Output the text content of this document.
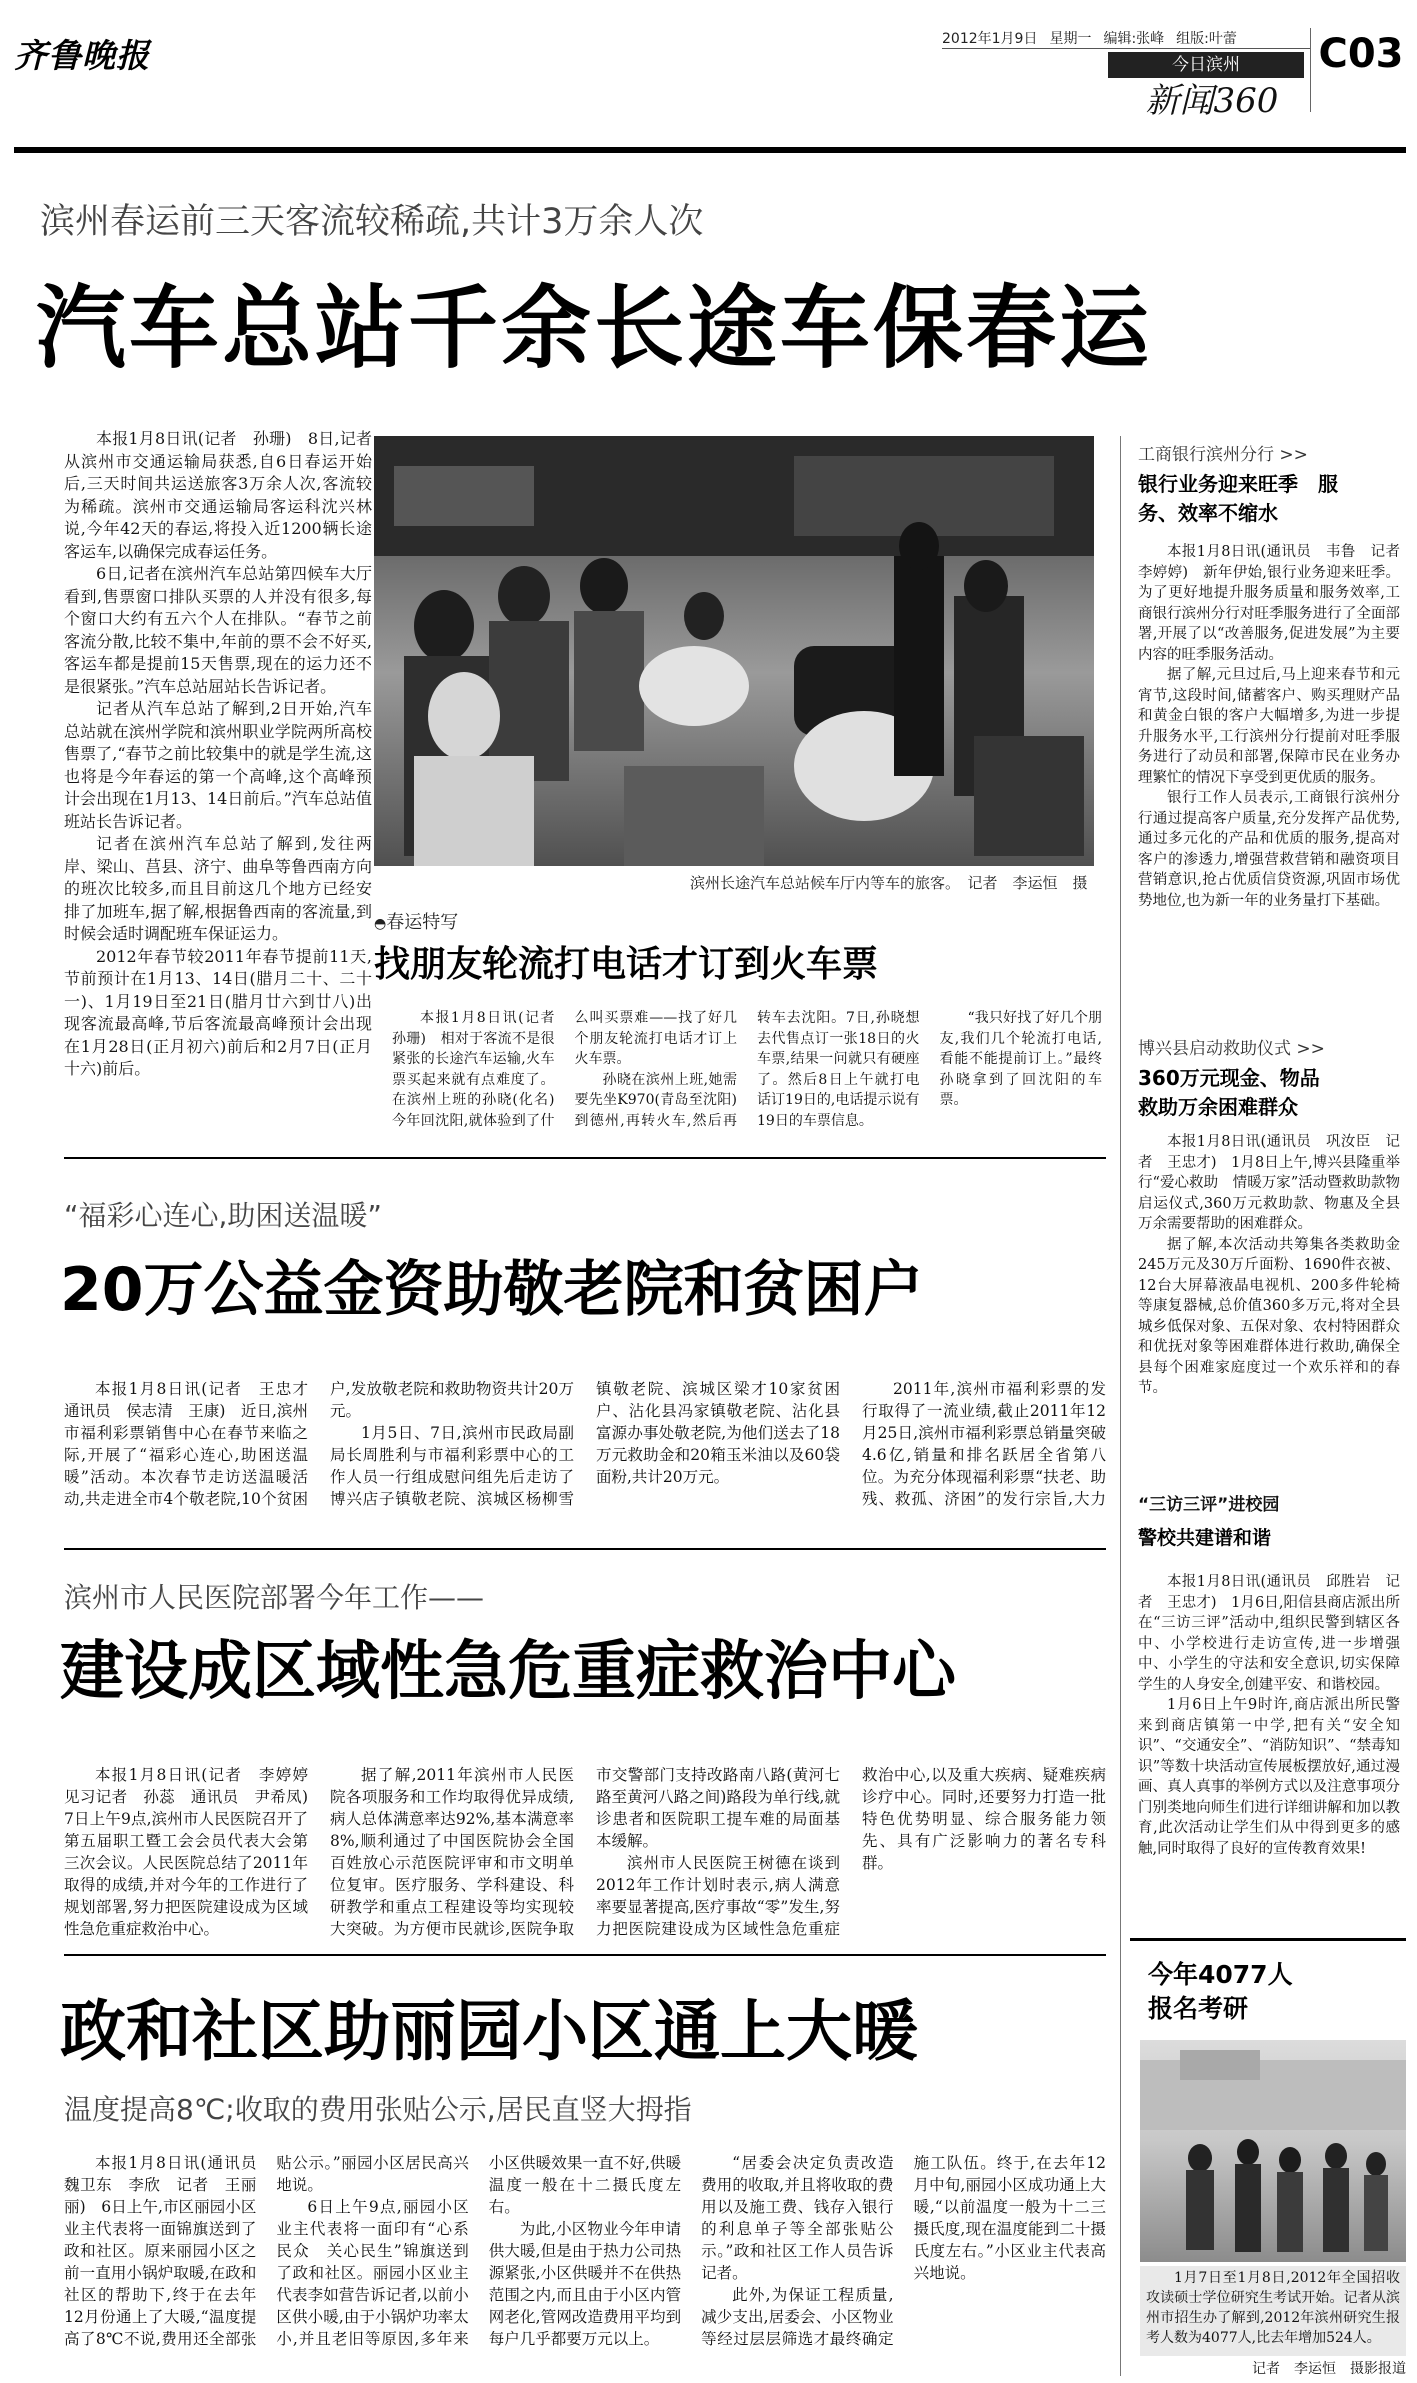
齐鲁晚报	2012年1月9日 星期一 编辑:张峰 组版:叶蕾 C03
今日滨州
新闻360
滨州春运前三天客流较稀疏,共计3万余人次
汽车总站千余长途车保春运

本报1月8日讯(记者　孙珊)　8日,记者从滨州市交通运输局获悉,自6日春运开始后,三天时间共运送旅客3万余人次,客流较为稀疏。滨州市交通运输局客运科沈兴林说,今年42天的春运,将投入近1200辆长途客运车,以确保完成春运任务。

6日,记者在滨州汽车总站第四候车大厅看到,售票窗口排队买票的人并没有很多,每个窗口大约有五六个人在排队。“春节之前客流分散,比较不集中,年前的票不会不好买,客运车都是提前15天售票,现在的运力还不是很紧张。”汽车总站屈站长告诉记者。

记者从汽车总站了解到,2日开始,汽车总站就在滨州学院和滨州职业学院两所高校售票了,“春节之前比较集中的就是学生流,这也将是今年春运的第一个高峰,这个高峰预计会出现在1月13、14日前后。”汽车总站值班站长告诉记者。

记者在滨州汽车总站了解到,发往两岸、梁山、莒县、济宁、曲阜等鲁西南方向的班次比较多,而且目前这几个地方已经安排了加班车,据了解,根据鲁西南的客流量,到时候会适时调配班车保证运力。

2012年春节较2011年春节提前11天,节前预计在1月13、14日(腊月二十、二十一)、1月19日至21日(腊月廿六到廿八)出现客流最高峰,节后客流最高峰预计会出现在1月28日(正月初六)前后和2月7日(正月十六)前后。

滨州长途汽车总站候车厅内等车的旅客。　记者　李运恒　摄
◓春运特写
找朋友轮流打电话才订到火车票

本报1月8日讯(记者　孙珊)　相对于客流不是很紧张的长途汽车运输,火车票买起来就有点难度了。在滨州上班的孙晓(化名)今年回沈阳,就体验到了什么叫买票难——找了好几个朋友轮流打电话才订上火车票。

孙晓在滨州上班,她需要先坐K970(青岛至沈阳)到德州,再转火车,然后再转车去沈阳。7日,孙晓想去代售点订一张18日的火车票,结果一问就只有硬座了。然后8日上午就打电话订19日的,电话提示说有19日的车票信息。

“我只好找了好几个朋友,我们几个轮流打电话,看能不能提前订上。”最终孙晓拿到了回沈阳的车票。

“福彩心连心,助困送温暖”
20万公益金资助敬老院和贫困户

本报1月8日讯(记者　王忠才　通讯员　侯志清　王康)　近日,滨州市福利彩票销售中心在春节来临之际,开展了“福彩心连心,助困送温暖”活动。本次春节走访送温暖活动,共走进全市4个敬老院,10个贫困户,发放敬老院和救助物资共计20万元。

1月5日、7日,滨州市民政局副局长周胜利与市福利彩票中心的工作人员一行组成慰问组先后走访了博兴店子镇敬老院、滨城区杨柳雪镇敬老院、滨城区梁才10家贫困户、沾化县冯家镇敬老院、沾化县富源办事处敬老院,为他们送去了18万元救助金和20箱玉米油以及60袋面粉,共计20万元。

2011年,滨州市福利彩票的发行取得了一流业绩,截止2011年12月25日,滨州市福利彩票总销量突破4.6亿,销量和排名跃居全省第八位。为充分体现福利彩票“扶老、助残、救孤、济困”的发行宗旨,大力

滨州市人民医院部署今年工作——
建设成区域性急危重症救治中心

本报1月8日讯(记者　李婷婷　见习记者　孙蕊　通讯员　尹希凤)　7日上午9点,滨州市人民医院召开了第五届职工暨工会会员代表大会第三次会议。人民医院总结了2011年取得的成绩,并对今年的工作进行了规划部署,努力把医院建设成为区域性急危重症救治中心。

据了解,2011年滨州市人民医院各项服务和工作均取得优异成绩,病人总体满意率达92%,基本满意率8%,顺利通过了中国医院协会全国百姓放心示范医院评审和市文明单位复审。医疗服务、学科建设、科研教学和重点工程建设等均实现较大突破。为方便市民就诊,医院争取市交警部门支持改路南八路(黄河七路至黄河八路之间)路段为单行线,就诊患者和医院职工提车难的局面基本缓解。

滨州市人民医院王树德在谈到2012年工作计划时表示,病人满意率要显著提高,医疗事故“零”发生,努力把医院建设成为区域性急危重症救治中心,以及重大疾病、疑难疾病诊疗中心。同时,还要努力打造一批特色优势明显、综合服务能力领先、具有广泛影响力的著名专科群。

政和社区助丽园小区通上大暖
温度提高8℃;收取的费用张贴公示,居民直竖大拇指

本报1月8日讯(通讯员　魏卫东　李欣　记者　王丽丽)　6日上午,市区丽园小区业主代表将一面锦旗送到了政和社区。原来丽园小区之前一直用小锅炉取暖,在政和社区的帮助下,终于在去年12月份通上了大暖,“温度提高了8℃不说,费用还全部张贴公示。”丽园小区居民高兴地说。

6日上午9点,丽园小区业主代表将一面印有“心系民众　关心民生”锦旗送到了政和社区。丽园小区业主代表李如营告诉记者,以前小区供小暖,由于小锅炉功率太小,并且老旧等原因,多年来小区供暖效果一直不好,供暖温度一般在十二摄氏度左右。

为此,小区物业今年申请供大暖,但是由于热力公司热源紧张,小区供暖并不在供热范围之内,而且由于小区内管网老化,管网改造费用平均到每户几乎都要万元以上。

“居委会决定负责改造费用的收取,并且将收取的费用以及施工费、钱存入银行的利息单子等全部张贴公示。”政和社区工作人员告诉记者。

此外,为保证工程质量,减少支出,居委会、小区物业等经过层层筛选才最终确定施工队伍。终于,在去年12月中旬,丽园小区成功通上大暖,“以前温度一般为十二三摄氏度,现在温度能到二十摄氏度左右。”小区业主代表高兴地说。

工商银行滨州分行 >>
银行业务迎来旺季　服务、效率不缩水

本报1月8日讯(通讯员　韦鲁　记者　李婷婷)　新年伊始,银行业务迎来旺季。为了更好地提升服务质量和服务效率,工商银行滨州分行对旺季服务进行了全面部署,开展了以“改善服务,促进发展”为主要内容的旺季服务活动。

据了解,元旦过后,马上迎来春节和元宵节,这段时间,储蓄客户、购买理财产品和黄金白银的客户大幅增多,为进一步提升服务水平,工行滨州分行提前对旺季服务进行了动员和部署,保障市民在业务办理繁忙的情况下享受到更优质的服务。

银行工作人员表示,工商银行滨州分行通过提高客户质量,充分发挥产品优势,通过多元化的产品和优质的服务,提高对客户的渗透力,增强营救营销和融资项目营销意识,抢占优质信贷资源,巩固市场优势地位,也为新一年的业务量打下基础。

博兴县启动救助仪式 >>
360万元现金、物品　救助万余困难群众

本报1月8日讯(通讯员　巩汝臣　记者　王忠才)　1月8日上午,博兴县隆重举行“爱心救助　情暖万家”活动暨救助款物启运仪式,360万元救助款、物惠及全县万余需要帮助的困难群众。

据了解,本次活动共筹集各类救助金245万元及30万斤面粉、1690件衣被、12台大屏幕液晶电视机、200多件轮椅等康复器械,总价值360多万元,将对全县城乡低保对象、五保对象、农村特困群众和优抚对象等困难群体进行救助,确保全县每个困难家庭度过一个欢乐祥和的春节。

“三访三评”进校园
警校共建谱和谐

本报1月8日讯(通讯员　邱胜岩　记者　王忠才)　1月6日,阳信县商店派出所在“三访三评”活动中,组织民警到辖区各中、小学校进行走访宣传,进一步增强中、小学生的守法和安全意识,切实保障学生的人身安全,创建平安、和谐校园。

1月6日上午9时许,商店派出所民警来到商店镇第一中学,把有关“安全知识”、“交通安全”、“消防知识”、“禁毒知识”等数十块活动宣传展板摆放好,通过漫画、真人真事的举例方式以及注意事项分门别类地向师生们进行详细讲解和加以教育,此次活动让学生们从中得到更多的感触,同时取得了良好的宣传教育效果!

今年4077人　报名考研
1月7日至1月8日,2012年全国招收攻读硕士学位研究生考试开始。记者从滨州市招生办了解到,2012年滨州研究生报考人数为4077人,比去年增加524人。
记者　李运恒　摄影报道
